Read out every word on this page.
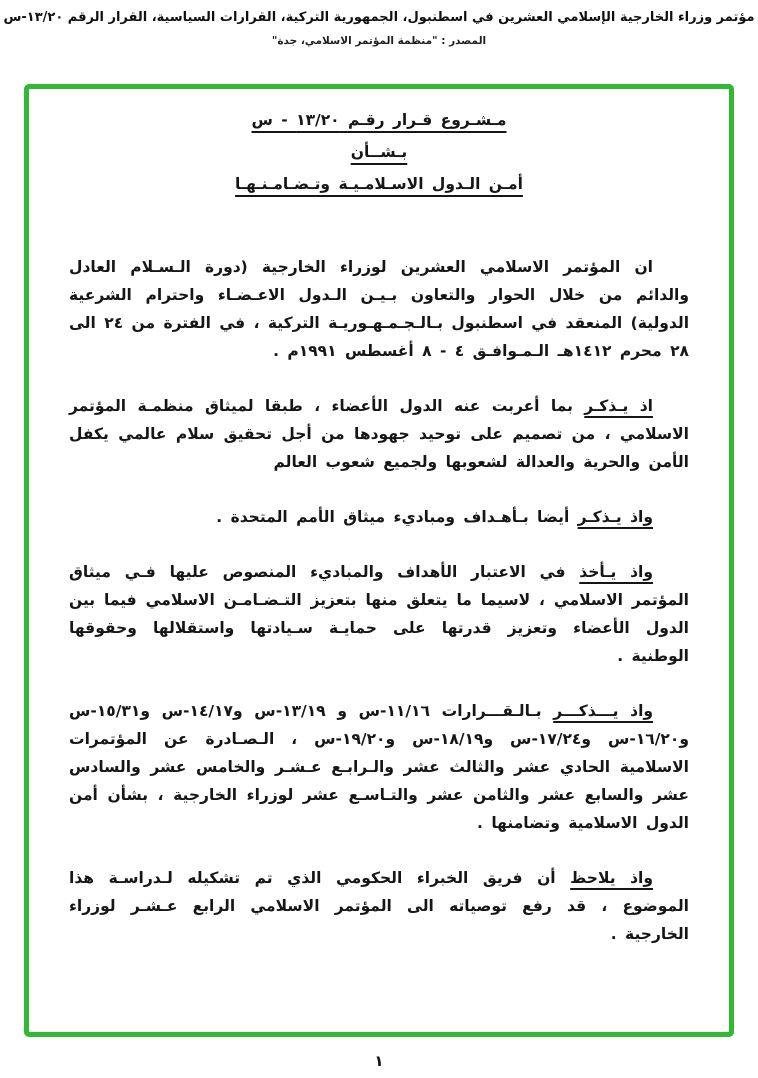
مؤتمر وزراء الخارجية الإسلامي العشرين في اسطنبول، الجمهورية التركية، القرارات السياسية، القرار الرقم ١٣/٢٠-س
المصدر : "منظمة المؤتمر الاسلامي، جدة"
مـشـروع قـرار رقـم ١٣/٢٠ - س
بـشــأن
أمـن الـدول الاسـلامـيـة وتـضـامـنـهـا

ان المؤتمر الاسلامي العشرين لوزراء الخارجية (دورة الـسـلام العادل والدائم من خلال الحوار والتعاون بـيـن الـدول الاعـضـاء واحترام الشرعية الدولية) المنعقد في اسطنبول بـالـجـمـهـوريـة التركية ، في الفترة من ٢٤ الى ٢٨ محرم ١٤١٢هـ الـمـوافـق ٤ - ٨ أغسطس ١٩٩١م .

اذ يـذكـر بما أعربت عنه الدول الأعضاء ، طبقا لميثاق منظمـة المؤتمر الاسلامي ، من تصميم على توحيد جهودها من أجل تحقيق سلام عالمي يكفل الأمن والحرية والعدالة لشعوبها ولجميع شعوب العالم

واذ يـذكـر أيضا بـأهـداف ومباديء ميثاق الأمم المتحدة .

واذ يـأخذ في الاعتبار الأهداف والمباديء المنصوص عليها فـي ميثاق المؤتمر الاسلامي ، لاسيما ما يتعلق منها بتعزيز التـضـامـن الاسلامي فيما بين الدول الأعضاء وتعزيز قدرتها على حمايـة سـيادتها واستقلالها وحقوقها الوطنية .

واذ يـــذكـــر بـالـقـــرارات ١١/١٦-س و ١٣/١٩-س و١٤/١٧-س و١٥/٣١-س و١٦/٢٠-س و١٧/٢٤-س و١٨/١٩-س و١٩/٢٠-س ، الـصـادرة عن المؤتمرات الاسلامية الحادي عشر والثالث عشر والـرابـع عـشـر والخامس عشر والسادس عشر والسابع عشر والثامن عشر والتـاسـع عشر لوزراء الخارجية ، بشأن أمن الدول الاسلامية وتضامنها .

واذ يلاحظ أن فريق الخبراء الحكومي الذي تم تشكيله لـدراسـة هذا الموضوع ، قد رفع توصياته الى المؤتمر الاسلامي الرابع عـشـر لوزراء الخارجية .

١
